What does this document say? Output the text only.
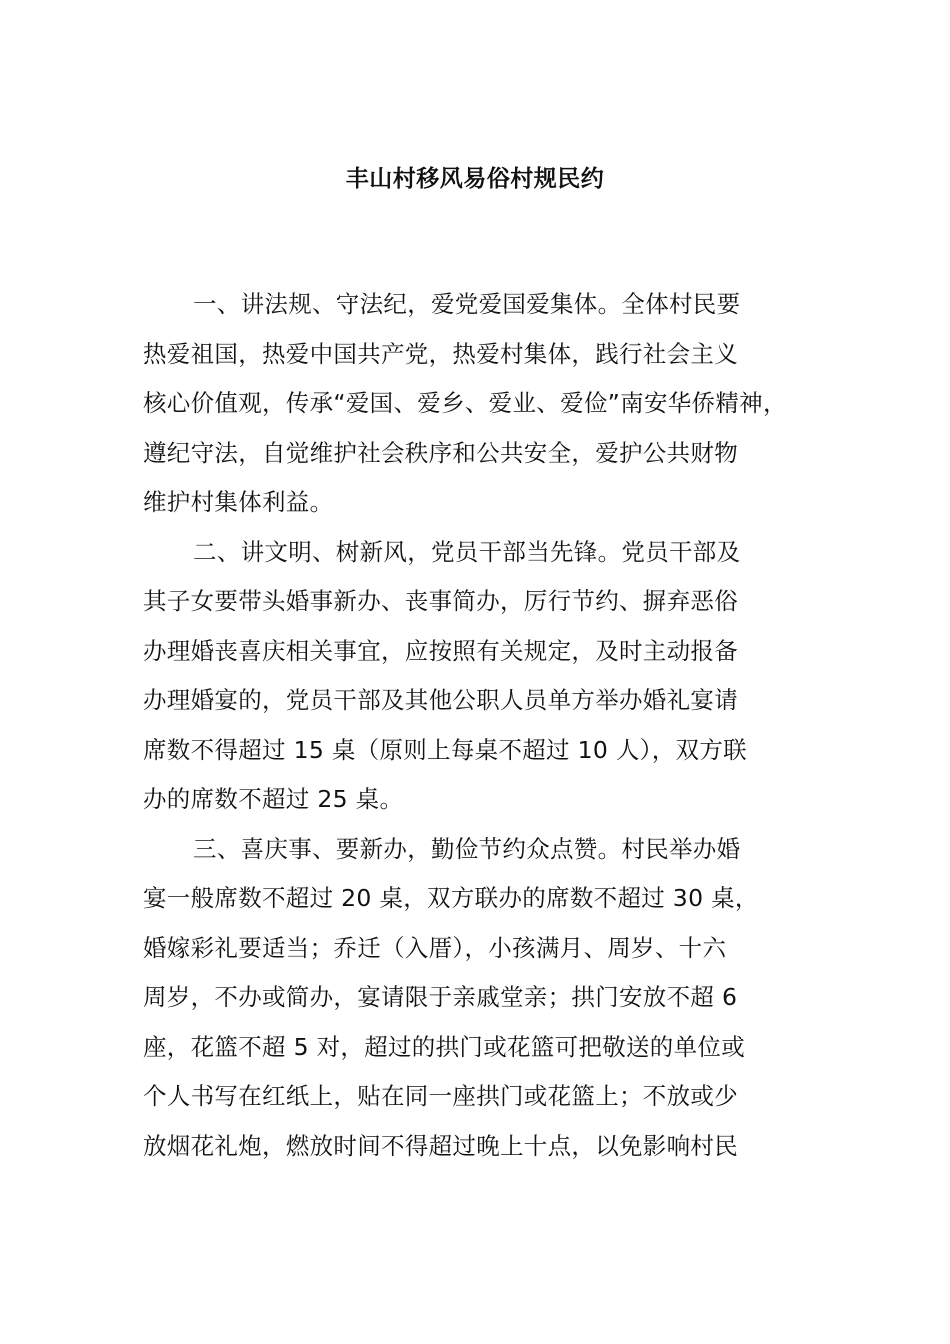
丰山村移风易俗村规民约
一、讲法规、守法纪，爱党爱国爱集体。全体村民要
热爱祖国，热爱中国共产党，热爱村集体，践行社会主义
核心价值观，传承“爱国、爱乡、爱业、爱俭”南安华侨精神，
遵纪守法，自觉维护社会秩序和公共安全，爱护公共财物
维护村集体利益。
二、讲文明、树新风，党员干部当先锋。党员干部及
其子女要带头婚事新办、丧事简办，厉行节约、摒弃恶俗
办理婚丧喜庆相关事宜，应按照有关规定，及时主动报备
办理婚宴的，党员干部及其他公职人员单方举办婚礼宴请
席数不得超过 15 桌（原则上每桌不超过 10 人），双方联
办的席数不超过 25 桌。
三、喜庆事、要新办，勤俭节约众点赞。村民举办婚
宴一般席数不超过 20 桌，双方联办的席数不超过 30 桌，
婚嫁彩礼要适当；乔迁（入厝），小孩满月、周岁、十六
周岁，不办或简办，宴请限于亲戚堂亲；拱门安放不超 6
座，花篮不超 5 对，超过的拱门或花篮可把敬送的单位或
个人书写在红纸上，贴在同一座拱门或花篮上；不放或少
放烟花礼炮，燃放时间不得超过晚上十点，以免影响村民
